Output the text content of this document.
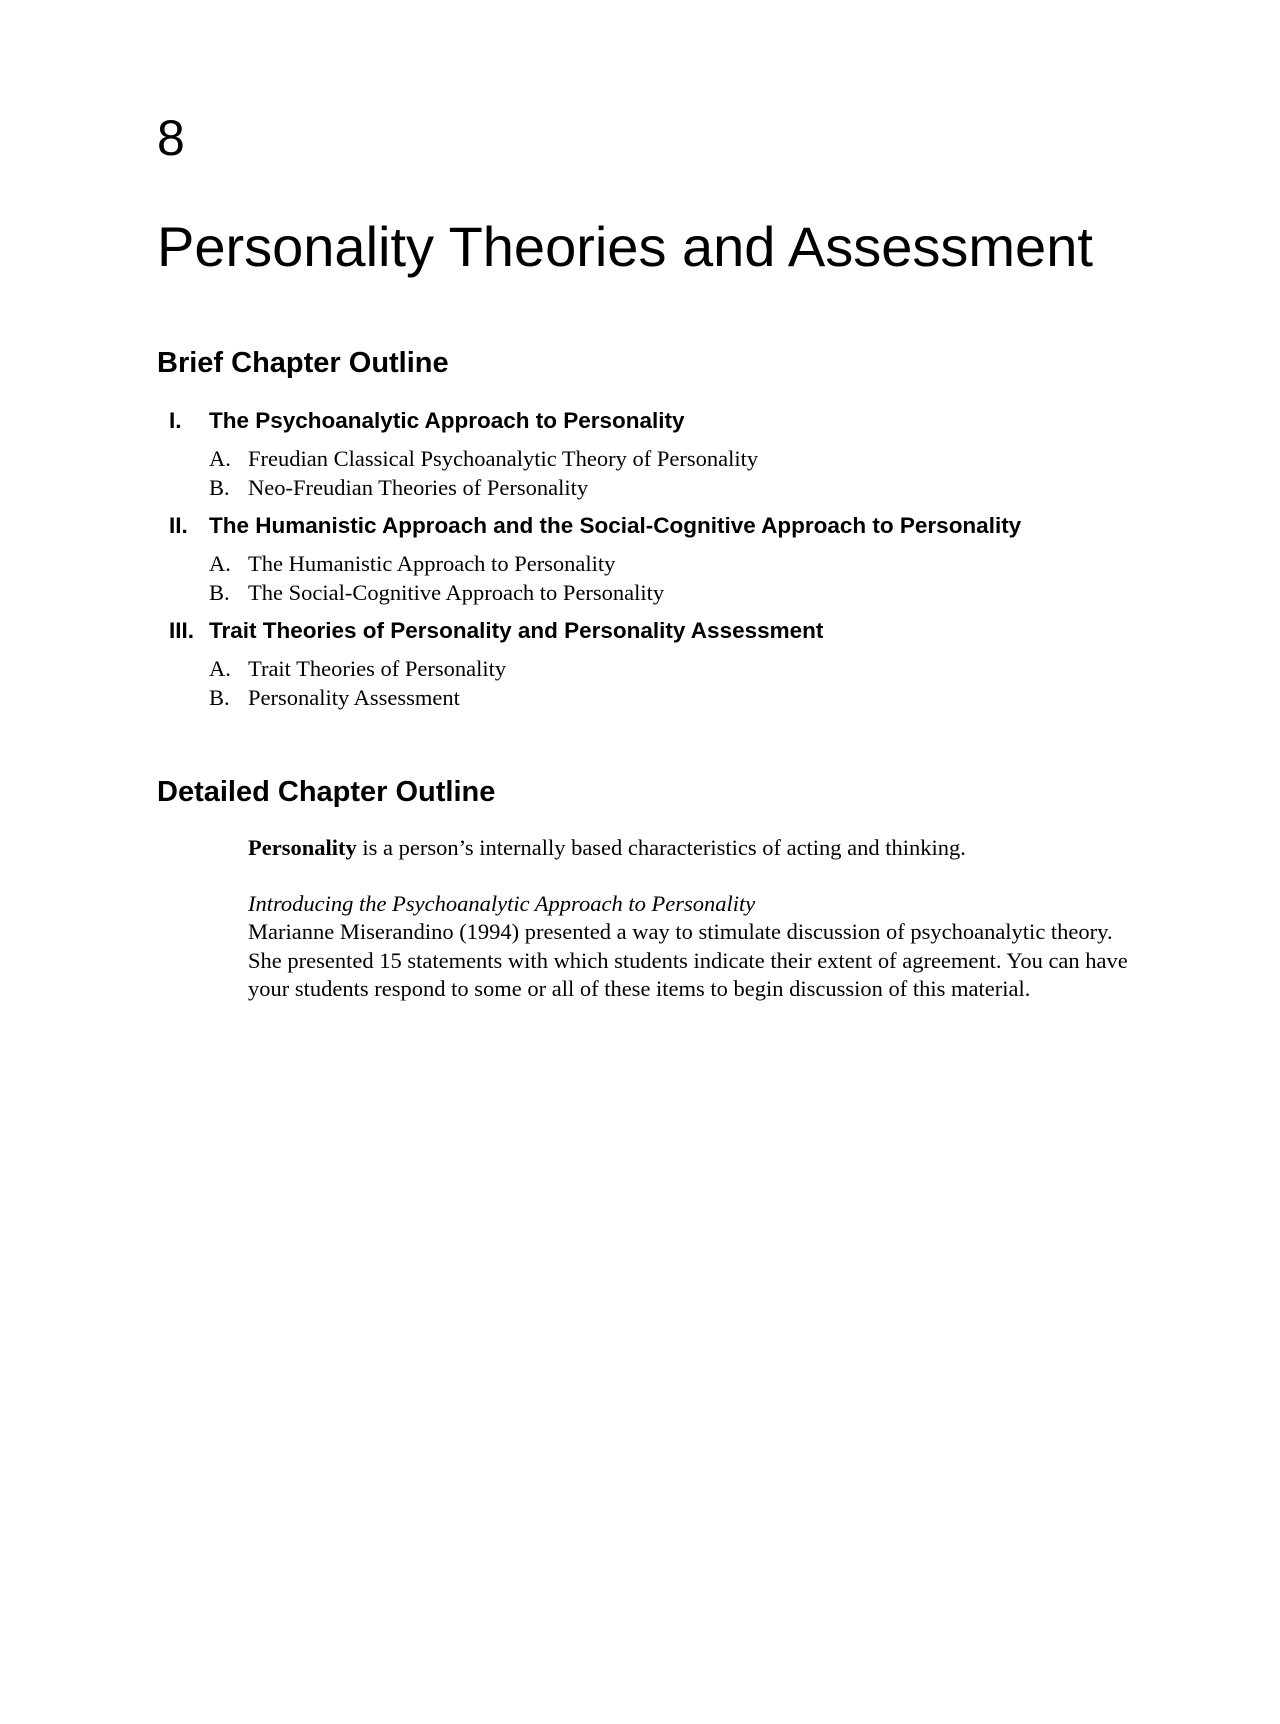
8
Personality Theories and Assessment
Brief Chapter Outline
I.	The Psychoanalytic Approach to Personality
A. Freudian Classical Psychoanalytic Theory of Personality
B. Neo-Freudian Theories of Personality
II. The Humanistic Approach and the Social-Cognitive Approach to Personality
A. The Humanistic Approach to Personality
B. The Social-Cognitive Approach to Personality
III. Trait Theories of Personality and Personality Assessment
A. Trait Theories of Personality
B. Personality Assessment
Detailed Chapter Outline

Personality is a person’s internally based characteristics of acting and thinking.

Introducing the Psychoanalytic Approach to Personality

Marianne Miserandino (1994) presented a way to stimulate discussion of psychoanalytic theory. She presented 15 statements with which students indicate their extent of agreement. You can have your students respond to some or all of these items to begin discussion of this material.
